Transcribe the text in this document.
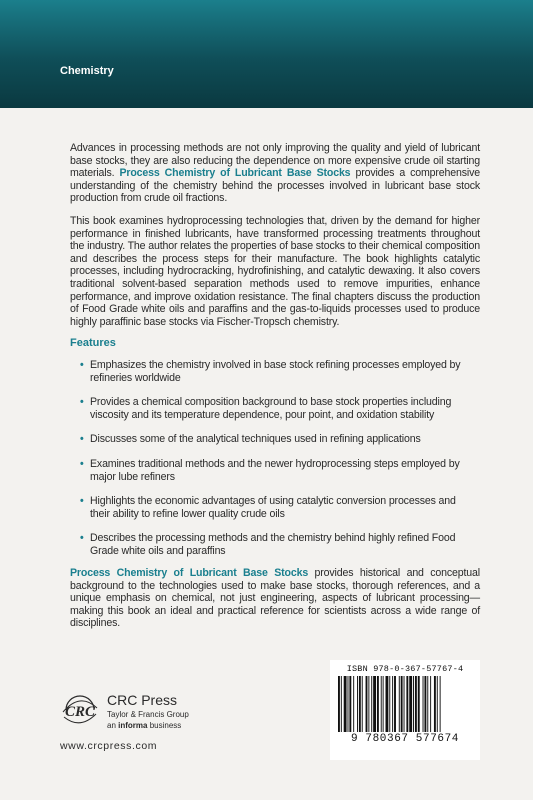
Chemistry
Advances in processing methods are not only improving the quality and yield of lubricant base stocks, they are also reducing the dependence on more expensive crude oil starting materials. Process Chemistry of Lubricant Base Stocks provides a comprehensive understanding of the chemistry behind the processes involved in lubricant base stock production from crude oil fractions.
This book examines hydroprocessing technologies that, driven by the demand for higher performance in finished lubricants, have transformed processing treatments throughout the industry. The author relates the properties of base stocks to their chemical composition and describes the process steps for their manufacture. The book highlights catalytic processes, including hydrocracking, hydrofinishing, and catalytic dewaxing. It also covers traditional solvent-based separation methods used to remove impurities, enhance performance, and improve oxidation resistance. The final chapters discuss the production of Food Grade white oils and paraffins and the gas-to-liquids processes used to produce highly paraffinic base stocks via Fischer-Tropsch chemistry.
Features
• Emphasizes the chemistry involved in base stock refining processes employed by refineries worldwide
• Provides a chemical composition background to base stock properties including viscosity and its temperature dependence, pour point, and oxidation stability
• Discusses some of the analytical techniques used in refining applications
• Examines traditional methods and the newer hydroprocessing steps employed by major lube refiners
• Highlights the economic advantages of using catalytic conversion processes and their ability to refine lower quality crude oils
• Describes the processing methods and the chemistry behind highly refined Food Grade white oils and paraffins
Process Chemistry of Lubricant Base Stocks provides historical and conceptual background to the technologies used to make base stocks, thorough references, and a unique emphasis on chemical, not just engineering, aspects of lubricant processing—making this book an ideal and practical reference for scientists across a wide range of disciplines.
CRC
CRC Press
Taylor & Francis Group
an informa business
www.crcpress.com
ISBN 978-0-367-57767-4
9 780367 577674
